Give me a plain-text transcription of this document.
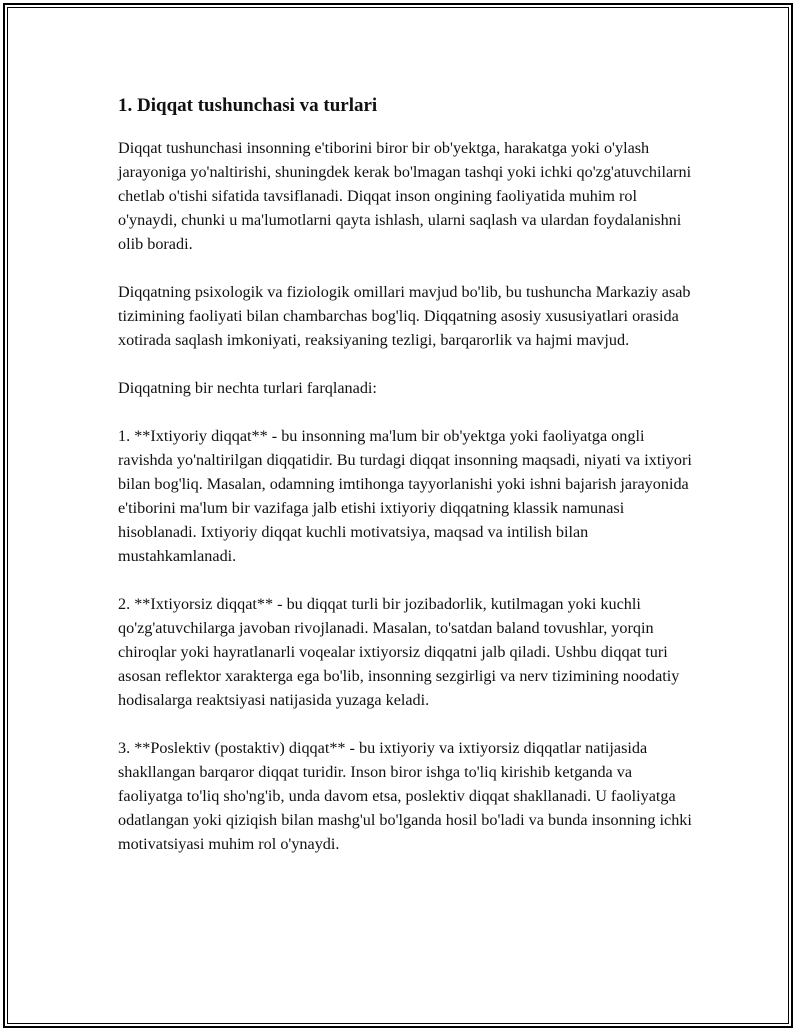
1. Diqqat tushunchasi va turlari

Diqqat tushunchasi insonning e'tiborini biror bir ob'yektga, harakatga yoki o'ylash jarayoniga yo'naltirishi, shuningdek kerak bo'lmagan tashqi yoki ichki qo'zg'atuvchilarni chetlab o'tishi sifatida tavsiflanadi. Diqqat inson ongining faoliyatida muhim rol o'ynaydi, chunki u ma'lumotlarni qayta ishlash, ularni saqlash va ulardan foydalanishni olib boradi.

Diqqatning psixologik va fiziologik omillari mavjud bo'lib, bu tushuncha Markaziy asab tizimining faoliyati bilan chambarchas bog'liq. Diqqatning asosiy xususiyatlari orasida xotirada saqlash imkoniyati, reaksiyaning tezligi, barqarorlik va hajmi mavjud.

Diqqatning bir nechta turlari farqlanadi:

1. **Ixtiyoriy diqqat** - bu insonning ma'lum bir ob'yektga yoki faoliyatga ongli ravishda yo'naltirilgan diqqatidir. Bu turdagi diqqat insonning maqsadi, niyati va ixtiyori bilan bog'liq. Masalan, odamning imtihonga tayyorlanishi yoki ishni bajarish jarayonida e'tiborini ma'lum bir vazifaga jalb etishi ixtiyoriy diqqatning klassik namunasi hisoblanadi. Ixtiyoriy diqqat kuchli motivatsiya, maqsad va intilish bilan mustahkamlanadi.

2. **Ixtiyorsiz diqqat** - bu diqqat turli bir jozibadorlik, kutilmagan yoki kuchli qo'zg'atuvchilarga javoban rivojlanadi. Masalan, to'satdan baland tovushlar, yorqin chiroqlar yoki hayratlanarli voqealar ixtiyorsiz diqqatni jalb qiladi. Ushbu diqqat turi asosan reflektor xarakterga ega bo'lib, insonning sezgirligi va nerv tizimining noodatiy hodisalarga reaktsiyasi natijasida yuzaga keladi.

3. **Poslektiv (postaktiv) diqqat** - bu ixtiyoriy va ixtiyorsiz diqqatlar natijasida shakllangan barqaror diqqat turidir. Inson biror ishga to'liq kirishib ketganda va faoliyatga to'liq sho'ng'ib, unda davom etsa, poslektiv diqqat shakllanadi. U faoliyatga odatlangan yoki qiziqish bilan mashg'ul bo'lganda hosil bo'ladi va bunda insonning ichki motivatsiyasi muhim rol o'ynaydi.
